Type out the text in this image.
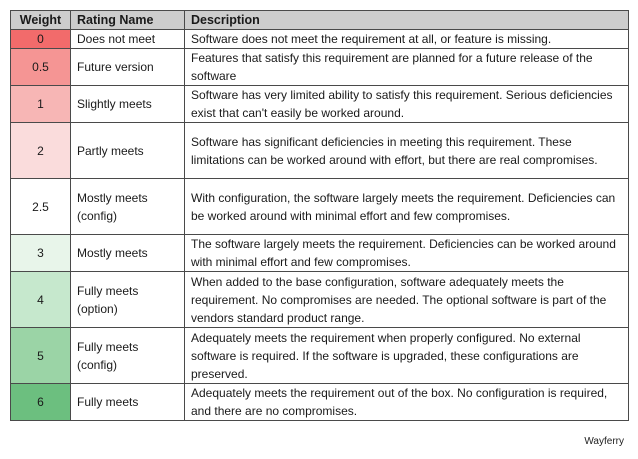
Weight	Rating Name	Description
0	Does not meet	Software does not meet the requirement at all, or feature is missing.
0.5	Future version	Features that satisfy this requirement are planned for a future release of the software
1	Slightly meets	Software has very limited ability to satisfy this requirement. Serious deficiencies exist that can't easily be worked around.
2	Partly meets	Software has significant deficiencies in meeting this requirement. These limitations can be worked around with effort, but there are real compromises.
2.5	Mostly meets (config)	With configuration, the software largely meets the requirement. Deficiencies can be worked around with minimal effort and few compromises.
3	Mostly meets	The software largely meets the requirement. Deficiencies can be worked around with minimal effort and few compromises.
4	Fully meets (option)	When added to the base configuration, software adequately meets the requirement. No compromises are needed. The optional software is part of the vendors standard product range.
5	Fully meets (config)	Adequately meets the requirement when properly configured. No external software is required. If the software is upgraded, these configurations are preserved.
6	Fully meets	Adequately meets the requirement out of the box. No configuration is required, and there are no compromises.
Wayferry
